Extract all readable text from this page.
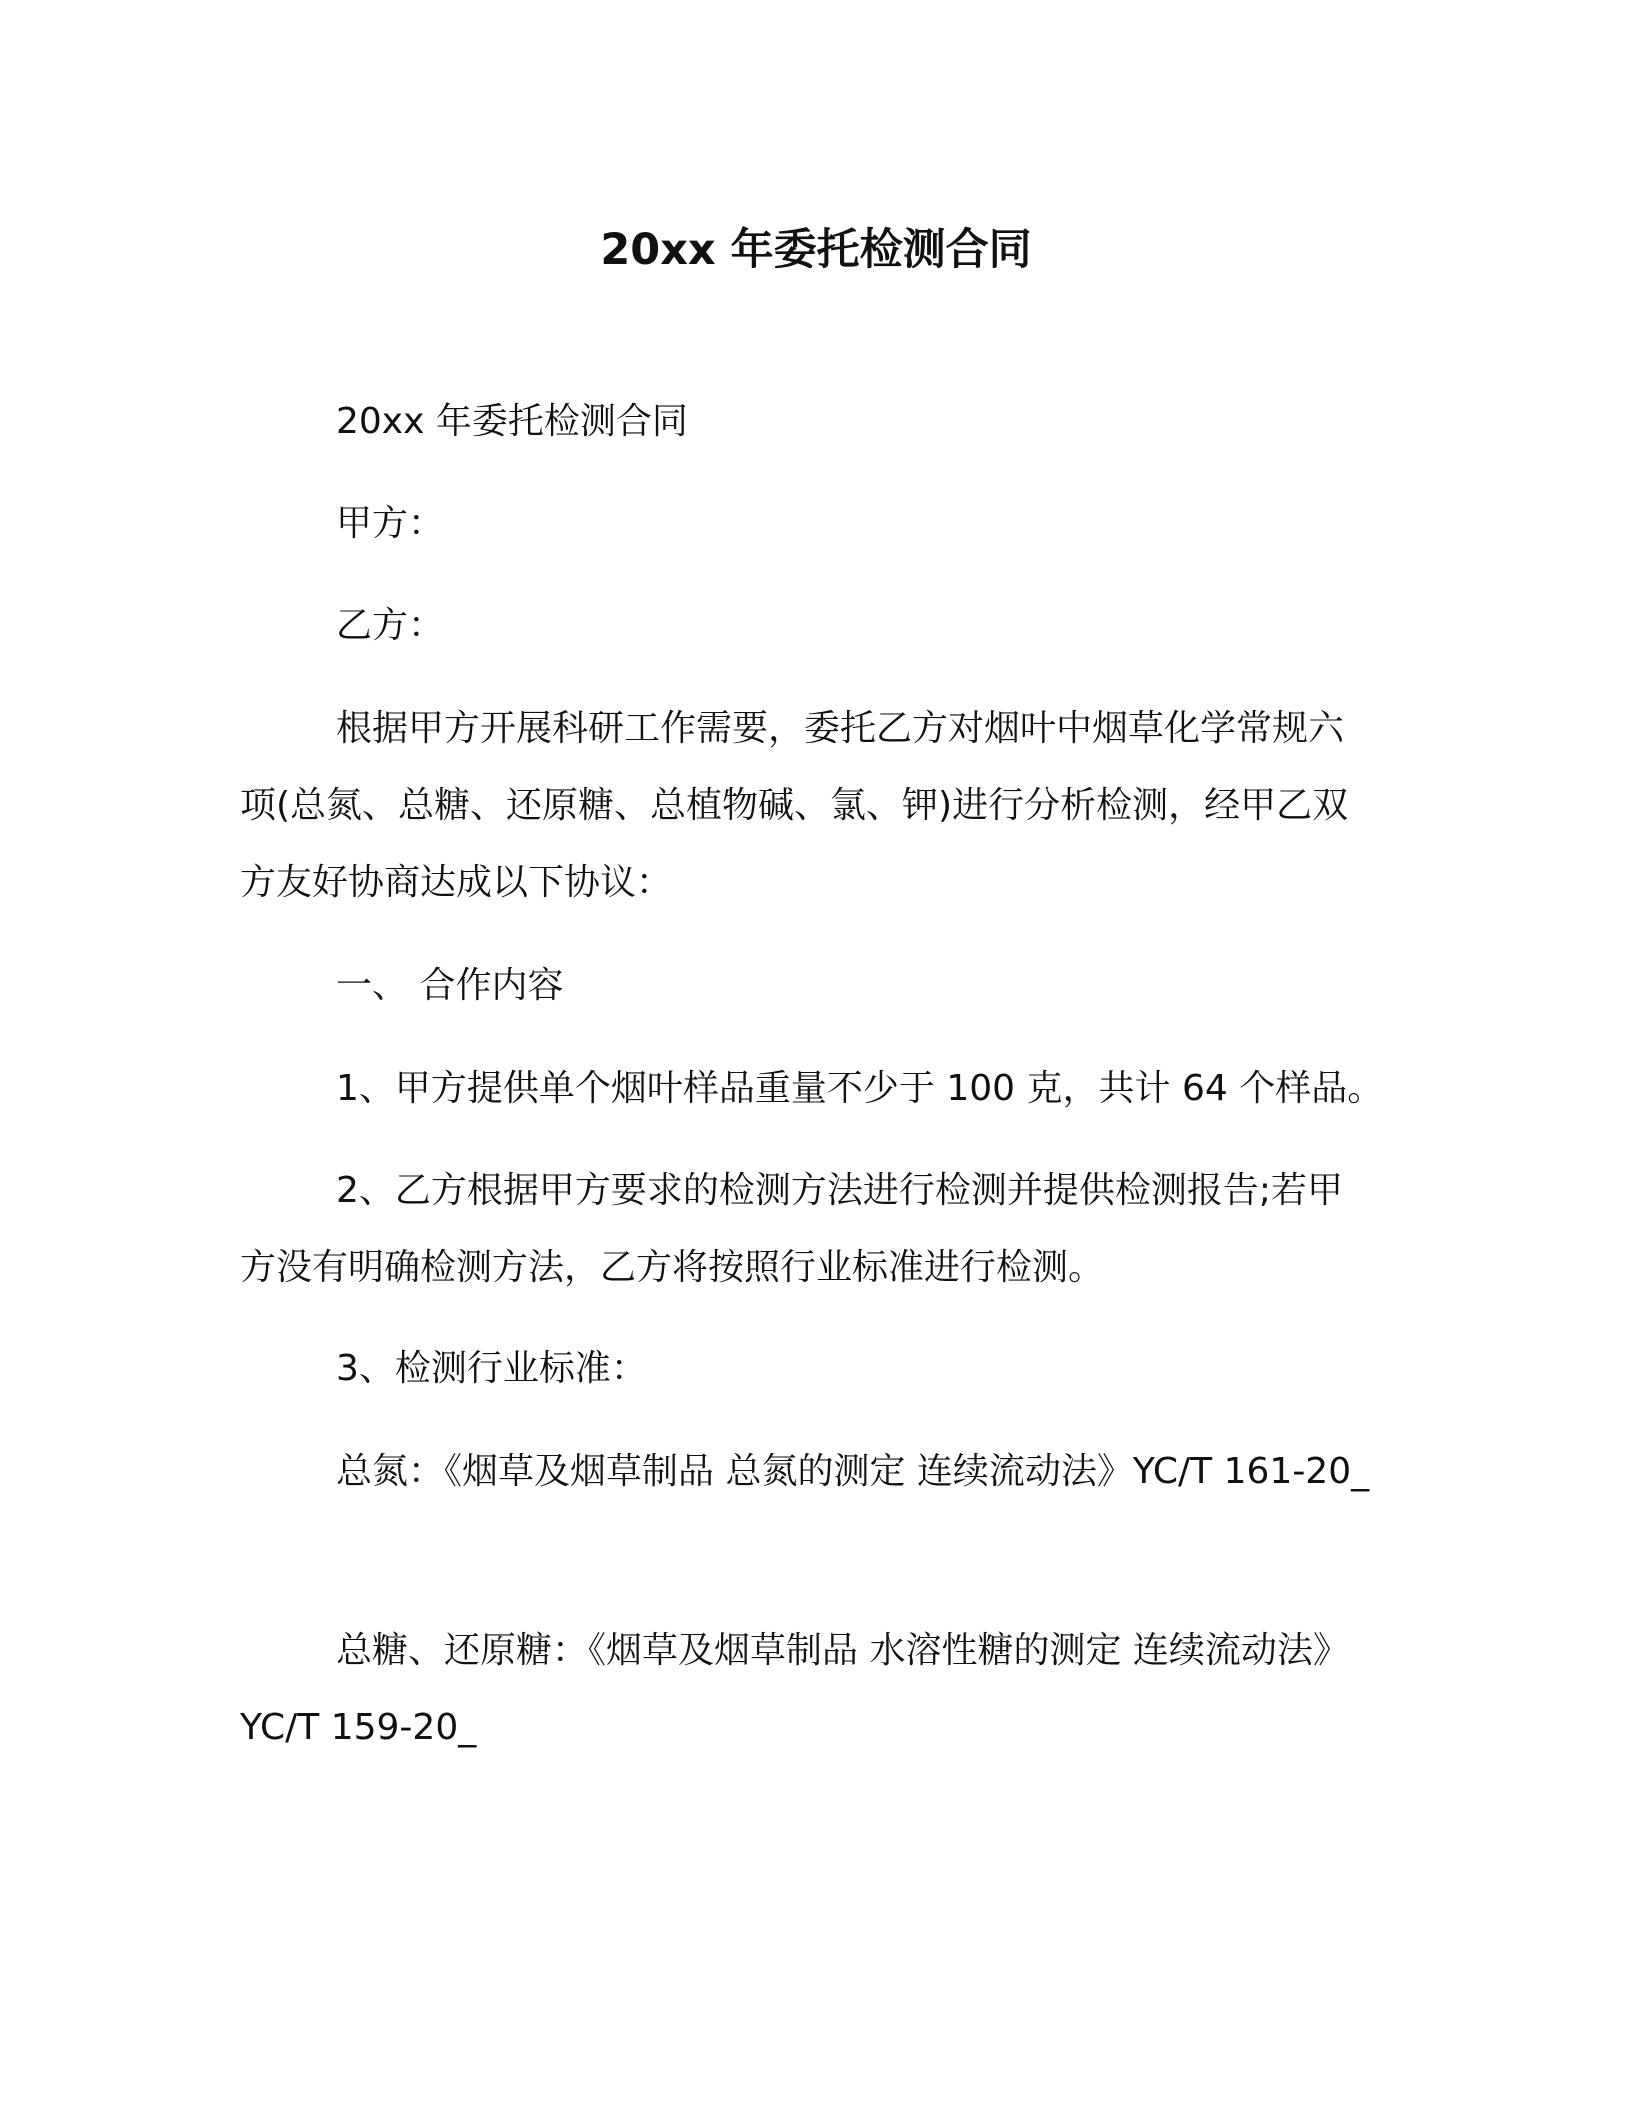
20xx 年委托检测合同
20xx 年委托检测合同
甲方：
乙方：
根据甲方开展科研工作需要，委托乙方对烟叶中烟草化学常规六项(总氮、总糖、还原糖、总植物碱、氯、钾)进行分析检测，经甲乙双方友好协商达成以下协议：
一、 合作内容
1、甲方提供单个烟叶样品重量不少于 100 克，共计 64 个样品。
2、乙方根据甲方要求的检测方法进行检测并提供检测报告;若甲方没有明确检测方法，乙方将按照行业标准进行检测。
3、检测行业标准：
总氮：《烟草及烟草制品 总氮的测定 连续流动法》YC/T 161-20_
总糖、还原糖：《烟草及烟草制品 水溶性糖的测定 连续流动法》YC/T 159-20_
